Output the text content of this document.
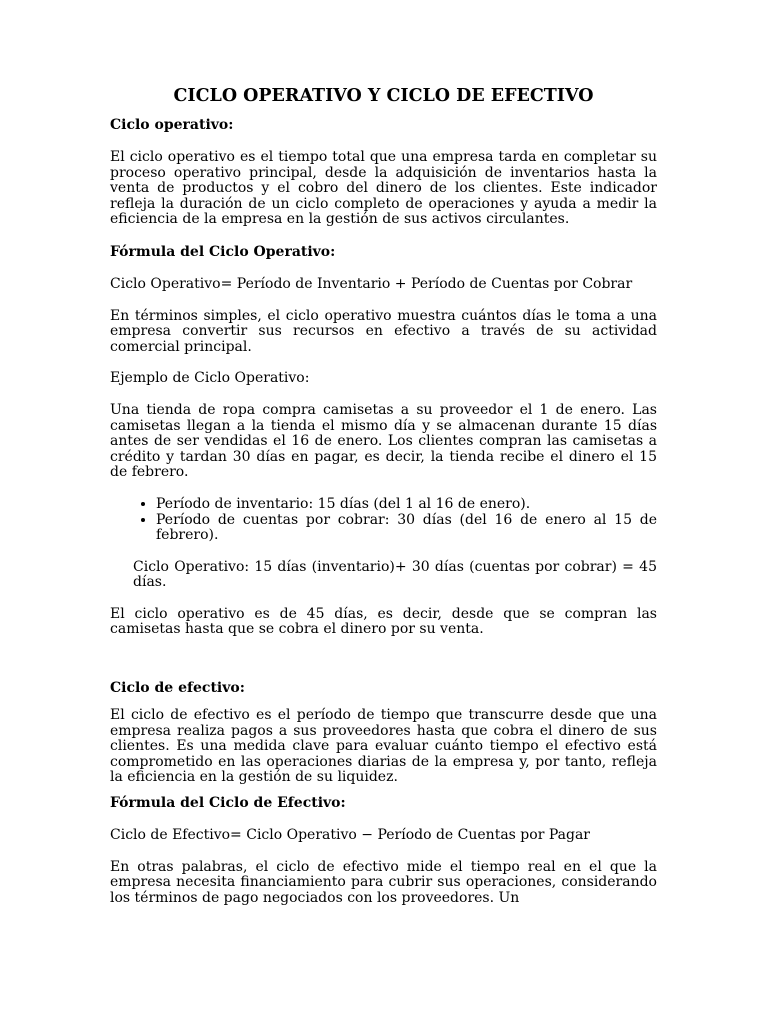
CICLO OPERATIVO Y CICLO DE EFECTIVO
Ciclo operativo:

El ciclo operativo es el tiempo total que una empresa tarda en completar su proceso operativo principal, desde la adquisición de inventarios hasta la venta de productos y el cobro del dinero de los clientes. Este indicador refleja la duración de un ciclo completo de operaciones y ayuda a medir la eficiencia de la empresa en la gestión de sus activos circulantes.

Fórmula del Ciclo Operativo:

Ciclo Operativo= Período de Inventario + Período de Cuentas por Cobrar

En términos simples, el ciclo operativo muestra cuántos días le toma a una empresa convertir sus recursos en efectivo a través de su actividad comercial principal.

Ejemplo de Ciclo Operativo:

Una tienda de ropa compra camisetas a su proveedor el 1 de enero. Las camisetas llegan a la tienda el mismo día y se almacenan durante 15 días antes de ser vendidas el 16 de enero. Los clientes compran las camisetas a crédito y tardan 30 días en pagar, es decir, la tienda recibe el dinero el 15 de febrero.

• Período de inventario: 15 días (del 1 al 16 de enero).
• Período de cuentas por cobrar: 30 días (del 16 de enero al 15 de febrero).

Ciclo Operativo: 15 días (inventario)+ 30 días (cuentas por cobrar) = 45 días.

El ciclo operativo es de 45 días, es decir, desde que se compran las camisetas hasta que se cobra el dinero por su venta.

Ciclo de efectivo:

El ciclo de efectivo es el período de tiempo que transcurre desde que una empresa realiza pagos a sus proveedores hasta que cobra el dinero de sus clientes. Es una medida clave para evaluar cuánto tiempo el efectivo está comprometido en las operaciones diarias de la empresa y, por tanto, refleja la eficiencia en la gestión de su liquidez.

Fórmula del Ciclo de Efectivo:

Ciclo de Efectivo= Ciclo Operativo − Período de Cuentas por Pagar

En otras palabras, el ciclo de efectivo mide el tiempo real en el que la empresa necesita financiamiento para cubrir sus operaciones, considerando los términos de pago negociados con los proveedores. Un
